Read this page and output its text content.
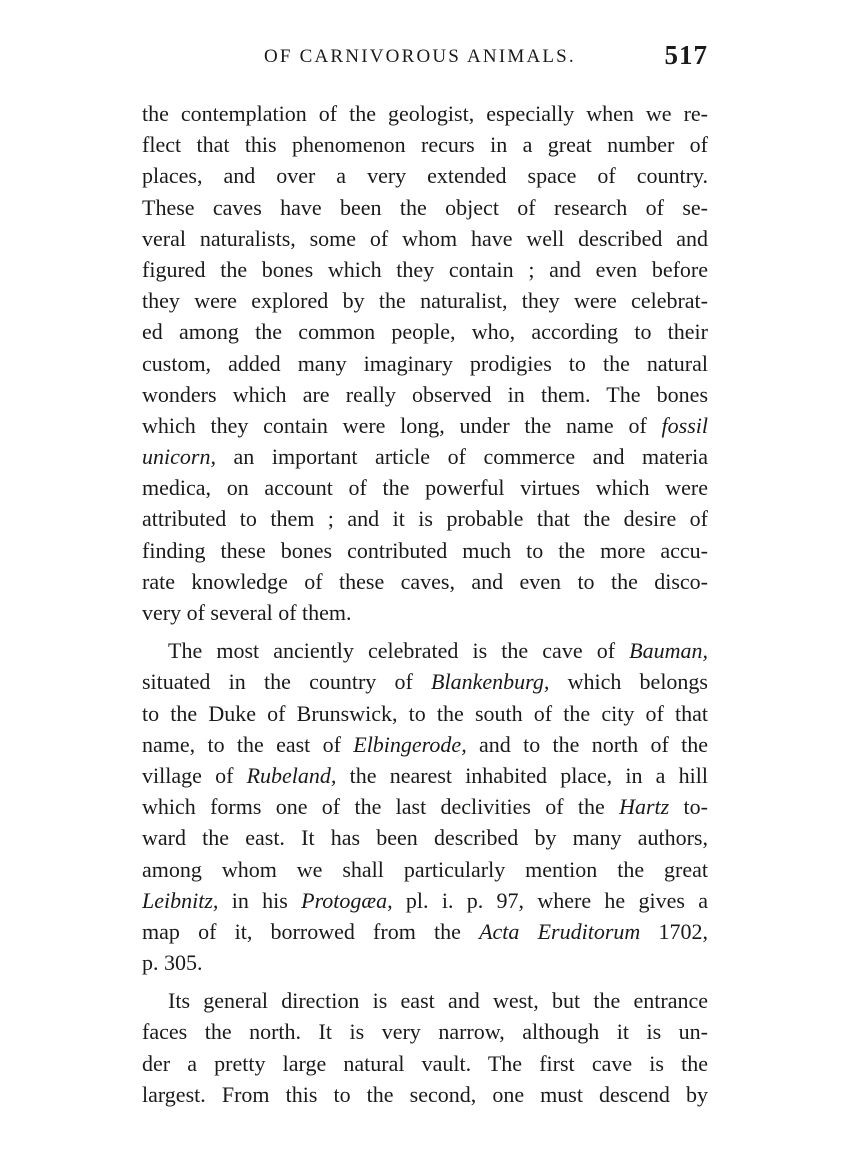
OF CARNIVOROUS ANIMALS.	517
the contemplation of the geologist, especially when we re-
flect that this phenomenon recurs in a great number of
places, and over a very extended space of country.
These caves have been the object of research of se-
veral naturalists, some of whom have well described and
figured the bones which they contain ; and even before
they were explored by the naturalist, they were celebrat-
ed among the common people, who, according to their
custom, added many imaginary prodigies to the natural
wonders which are really observed in them. The bones
which they contain were long, under the name of fossil
unicorn, an important article of commerce and materia
medica, on account of the powerful virtues which were
attributed to them ; and it is probable that the desire of
finding these bones contributed much to the more accu-
rate knowledge of these caves, and even to the disco-
very of several of them.
The most anciently celebrated is the cave of Bauman,
situated in the country of Blankenburg, which belongs
to the Duke of Brunswick, to the south of the city of that
name, to the east of Elbingerode, and to the north of the
village of Rubeland, the nearest inhabited place, in a hill
which forms one of the last declivities of the Hartz to-
ward the east. It has been described by many authors,
among whom we shall particularly mention the great
Leibnitz, in his Protogæa, pl. i. p. 97, where he gives a
map of it, borrowed from the Acta Eruditorum 1702,
p. 305.
Its general direction is east and west, but the entrance
faces the north. It is very narrow, although it is un-
der a pretty large natural vault. The first cave is the
largest. From this to the second, one must descend by
